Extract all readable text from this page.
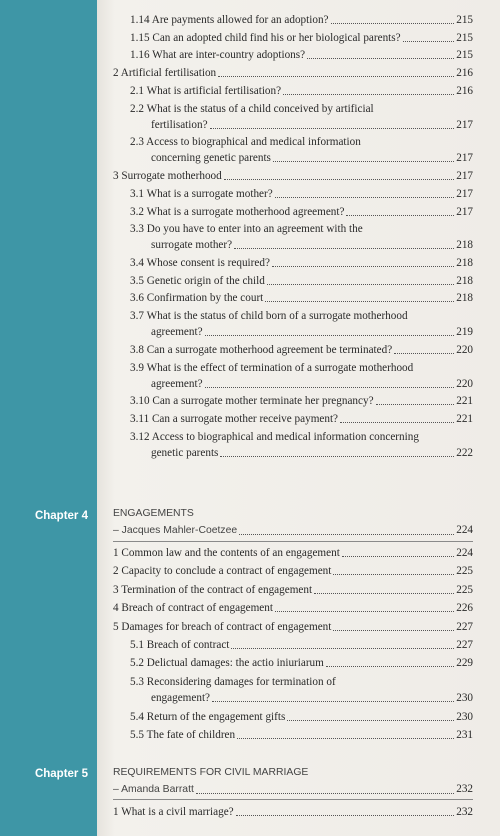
Chapter 4
Chapter 5
1.14 Are payments allowed for an adoption?	215
1.15 Can an adopted child find his or her biological parents?	215
1.16 What are inter-country adoptions?	215
2 Artificial fertilisation	216
2.1 What is artificial fertilisation?	216
2.2 What is the status of a child conceived by artificial
fertilisation?	217
2.3 Access to biographical and medical information
concerning genetic parents	217
3 Surrogate motherhood	217
3.1 What is a surrogate mother?	217
3.2 What is a surrogate motherhood agreement?	217
3.3 Do you have to enter into an agreement with the
surrogate mother?	218
3.4 Whose consent is required?	218
3.5 Genetic origin of the child	218
3.6 Confirmation by the court	218
3.7 What is the status of child born of a surrogate motherhood
agreement?	219
3.8 Can a surrogate motherhood agreement be terminated?	220
3.9 What is the effect of termination of a surrogate motherhood
agreement?	220
3.10 Can a surrogate mother terminate her pregnancy?	221
3.11 Can a surrogate mother receive payment?	221
3.12 Access to biographical and medical information concerning
genetic parents	222
ENGAGEMENTS
– Jacques Mahler-Coetzee	224
1 Common law and the contents of an engagement	224
2 Capacity to conclude a contract of engagement	225
3 Termination of the contract of engagement	225
4 Breach of contract of engagement	226
5 Damages for breach of contract of engagement	227
5.1 Breach of contract	227
5.2 Delictual damages: the actio iniuriarum	229
5.3 Reconsidering damages for termination of
engagement?	230
5.4 Return of the engagement gifts	230
5.5 The fate of children	231
REQUIREMENTS FOR CIVIL MARRIAGE
– Amanda Barratt	232
1 What is a civil marriage?	232
